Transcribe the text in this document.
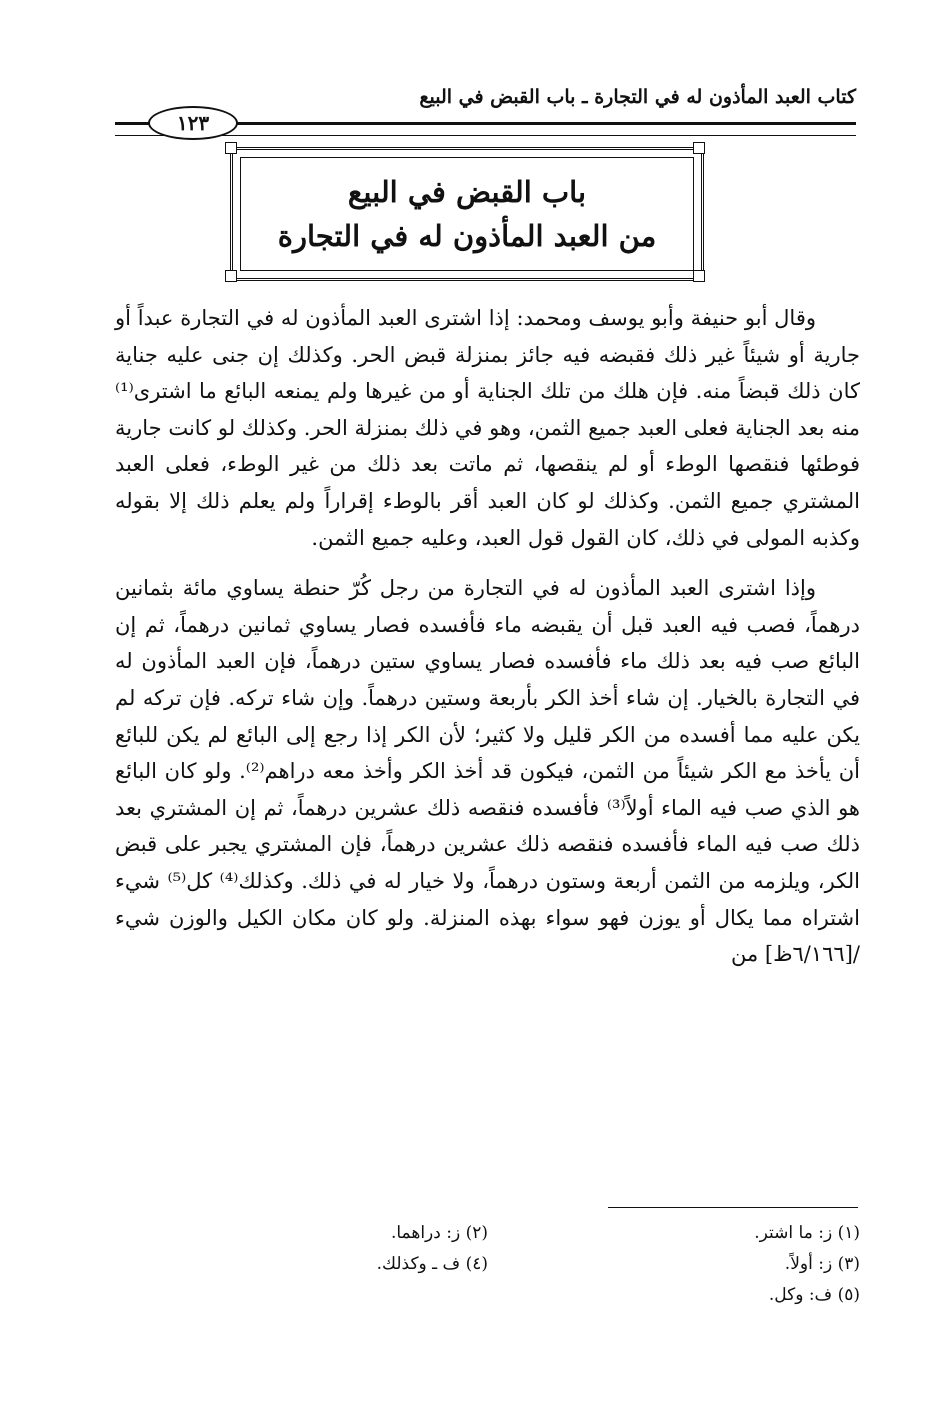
كتاب العبد المأذون له في التجارة ـ باب القبض في البيع
١٢٣
باب القبض في البيع
من العبد المأذون له في التجارة

وقال أبو حنيفة وأبو يوسف ومحمد: إذا اشترى العبد المأذون له في التجارة عبداً أو جارية أو شيئاً غير ذلك فقبضه فيه جائز بمنزلة قبض الحر. وكذلك إن جنى عليه جناية كان ذلك قبضاً منه. فإن هلك من تلك الجناية أو من غيرها ولم يمنعه البائع ما اشترى⁽¹⁾ منه بعد الجناية فعلى العبد جميع الثمن، وهو في ذلك بمنزلة الحر. وكذلك لو كانت جارية فوطئها فنقصها الوطء أو لم ينقصها، ثم ماتت بعد ذلك من غير الوطء، فعلى العبد المشتري جميع الثمن. وكذلك لو كان العبد أقر بالوطء إقراراً ولم يعلم ذلك إلا بقوله وكذبه المولى في ذلك، كان القول قول العبد، وعليه جميع الثمن.

وإذا اشترى العبد المأذون له في التجارة من رجل كُرّ حنطة يساوي مائة بثمانين درهماً، فصب فيه العبد قبل أن يقبضه ماء فأفسده فصار يساوي ثمانين درهماً، ثم إن البائع صب فيه بعد ذلك ماء فأفسده فصار يساوي ستين درهماً، فإن العبد المأذون له في التجارة بالخيار. إن شاء أخذ الكر بأربعة وستين درهماً. وإن شاء تركه. فإن تركه لم يكن عليه مما أفسده من الكر قليل ولا كثير؛ لأن الكر إذا رجع إلى البائع لم يكن للبائع أن يأخذ مع الكر شيئاً من الثمن، فيكون قد أخذ الكر وأخذ معه دراهم⁽²⁾. ولو كان البائع هو الذي صب فيه الماء أولاً⁽³⁾ فأفسده فنقصه ذلك عشرين درهماً، ثم إن المشتري بعد ذلك صب فيه الماء فأفسده فنقصه ذلك عشرين درهماً، فإن المشتري يجبر على قبض الكر، ويلزمه من الثمن أربعة وستون درهماً، ولا خيار له في ذلك. وكذلك⁽⁴⁾ كل⁽⁵⁾ شيء اشتراه مما يكال أو يوزن فهو سواء بهذه المنزلة. ولو كان مكان الكيل والوزن شيء /[٦/١٦٦ظ] من

(١) ز: ما اشتر.
(٢) ز: دراهما.
(٣) ز: أولاً.
(٤) ف ـ وكذلك.
(٥) ف: وكل.
